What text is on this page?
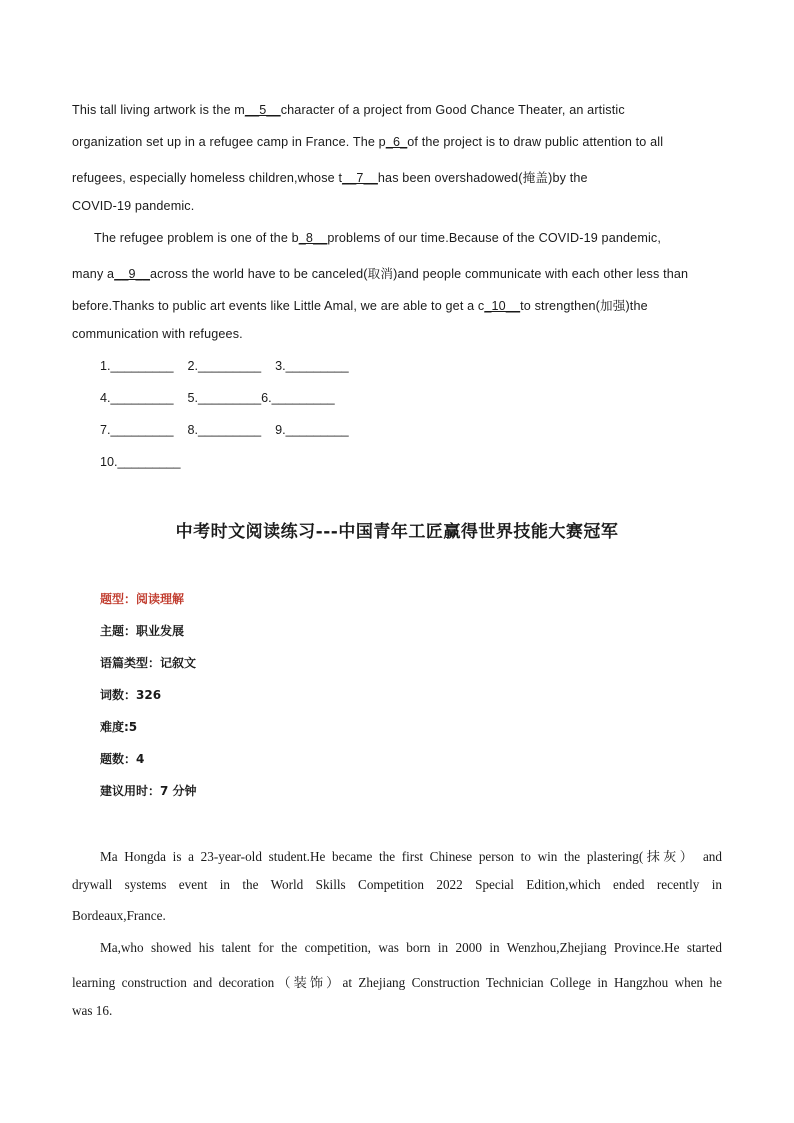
This tall living artwork is the m__5__character of a project from Good Chance Theater, an artistic
organization set up in a refugee camp in France. The p_6_of the project is to draw public attention to all
refugees, especially homeless children,whose t__7__has been overshadowed(掩盖)by the
COVID-19 pandemic.
The refugee problem is one of the b_8__problems of our time.Because of the COVID-19 pandemic,
many a__9__across the world have to be canceled(取消)and people communicate with each other less than
before.Thanks to public art events like Little Amal, we are able to get a c_10__to strengthen(加强)the
communication with refugees.
1._________    2._________    3._________
4._________    5._________6._________
7._________    8._________    9._________
10._________
中考时文阅读练习---中国青年工匠赢得世界技能大赛冠军
题型：阅读理解
主题：职业发展
语篇类型：记叙文
词数：326
难度:5
题数：4
建议用时：7 分钟
Ma Hongda is a 23-year-old student.He became the first Chinese person to win the plastering(抹灰） and
drywall systems event in the World Skills Competition 2022 Special Edition,which ended recently in
Bordeaux,France.
Ma,who showed his talent for the competition, was born in 2000 in Wenzhou,Zhejiang Province.He started
learning construction and decoration（装饰）at Zhejiang Construction Technician College in Hangzhou when he
was 16.
